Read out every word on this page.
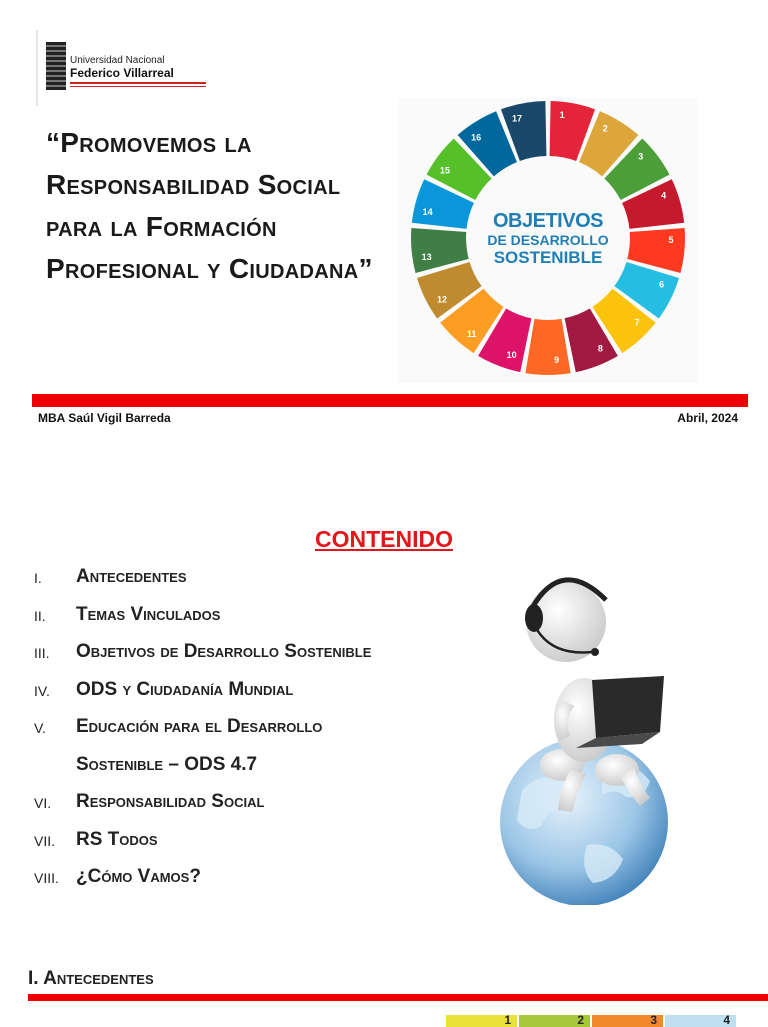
Universidad Nacional
Federico Villarreal
“Promovemos la Responsabilidad Social para la Formación Profesional y Ciudadana”
1
2
3
4
5
6
7
8
9
10
11
12
13
14
15
16
17
OBJETIVOS
DE DESARROLLO
SOSTENIBLE
MBA Saúl Vigil Barreda	Abril, 2024
CONTENIDO
I. Antecedentes
II. Temas Vinculados
III. Objetivos de Desarrollo Sostenible
IV. ODS y Ciudadanía Mundial
V. Educación para el Desarrollo
Sostenible – ODS 4.7
VI. Responsabilidad Social
VII. RS Todos
VIII. ¿Cómo Vamos?
I. Antecedentes
1	2	3	4
